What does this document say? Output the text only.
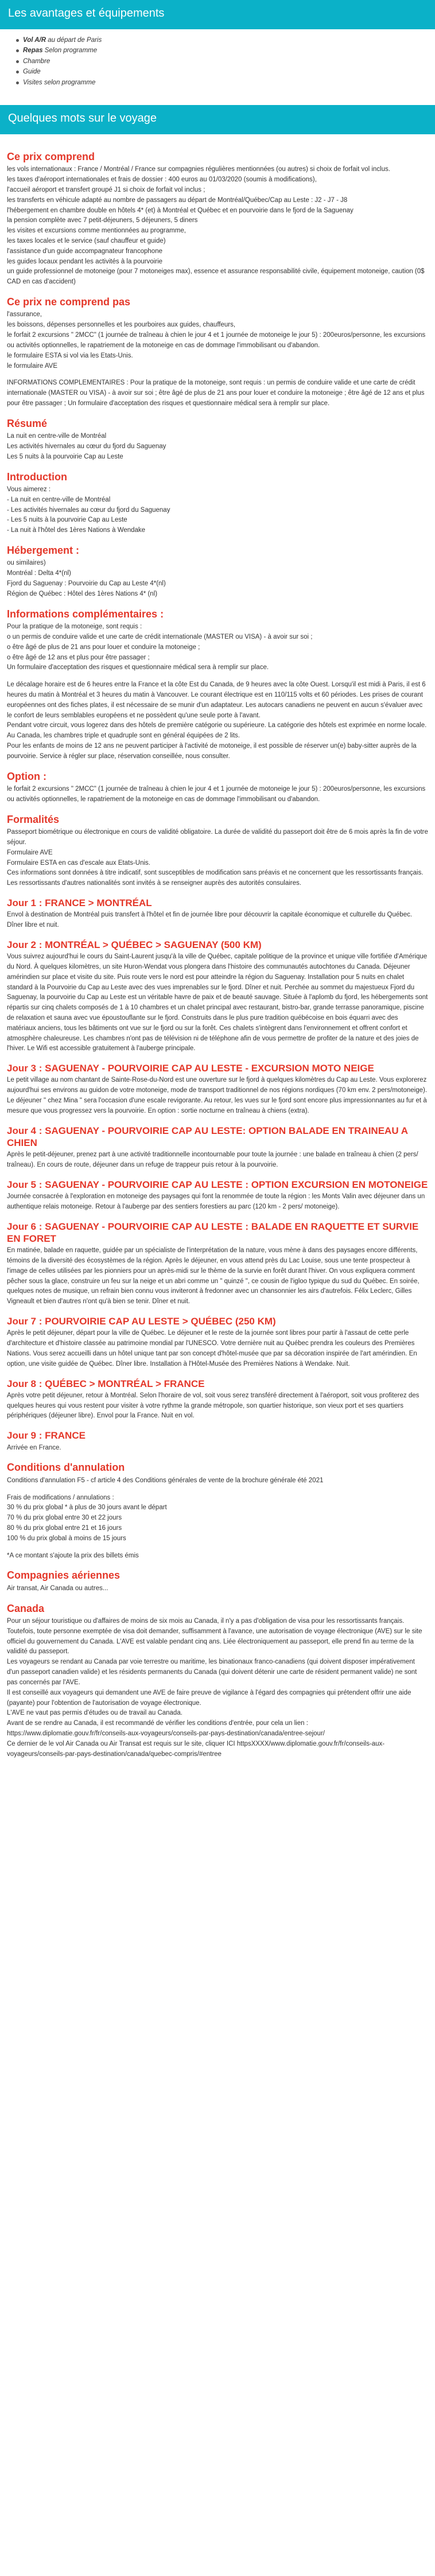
Les avantages et équipements
Vol A/R au départ de Paris
Repas Selon programme
Chambre
Guide
Visites selon programme
Quelques mots sur le voyage
Ce prix comprend

les vols internationaux : France / Montréal / France sur compagnies régulières mentionnées (ou autres) si choix de forfait vol inclus.

les taxes d'aéroport internationales et frais de dossier : 400 euros au 01/03/2020 (soumis à modifications),

l'accueil aéroport et transfert groupé J1 si choix de forfait vol inclus ;

les transferts en véhicule adapté au nombre de passagers au départ de Montréal/Québec/Cap au Leste : J2 - J7 - J8

l'hébergement en chambre double en hôtels 4* (et) à Montréal et Québec et en pourvoirie dans le fjord de la Saguenay

la pension complète avec 7 petit-déjeuners, 5 déjeuners, 5 diners

les visites et excursions comme mentionnées au programme,

les taxes locales et le service (sauf chauffeur et guide)

l'assistance d'un guide accompagnateur francophone

les guides locaux pendant les activités à la pourvoirie

un guide professionnel de motoneige (pour 7 motoneiges max), essence et assurance responsabilité civile, équipement motoneige, caution (0$ CAD en cas d'accident)

Ce prix ne comprend pas

l'assurance,

les boissons, dépenses personnelles et les pourboires aux guides, chauffeurs,

le forfait 2 excursions " 2MCC" (1 journée de traîneau à chien le jour 4 et 1 journée de motoneige le jour 5) : 200euros/personne, les excursions ou activités optionnelles, le rapatriement de la motoneige en cas de dommage l'immobilisant ou d'abandon.

le formulaire ESTA si vol via les Etats-Unis.

le formulaire AVE

INFORMATIONS COMPLEMENTAIRES : Pour la pratique de la motoneige, sont requis : un permis de conduire valide et une carte de crédit internationale (MASTER ou VISA) - à avoir sur soi ; être âgé de plus de 21 ans pour louer et conduire la motoneige ; être âgé de 12 ans et plus pour être passager ; Un formulaire d'acceptation des risques et questionnaire médical sera à remplir sur place.

Résumé

La nuit en centre-ville de Montréal

Les activités hivernales au cœur du fjord du Saguenay

Les 5 nuits à la pourvoirie Cap au Leste

Introduction

Vous aimerez :

- La nuit en centre-ville de Montréal

- Les activités hivernales au cœur du fjord du Saguenay

- Les 5 nuits à la pourvoirie Cap au Leste

- La nuit à l'hôtel des 1ères Nations à Wendake

Hébergement :

ou similaires)

Montréal : Delta 4*(nl)

Fjord du Saguenay : Pourvoirie du Cap au Leste 4*(nl)

Région de Québec : Hôtel des 1ères Nations 4* (nl)

Informations complémentaires :

Pour la pratique de la motoneige, sont requis :

o un permis de conduire valide et une carte de crédit internationale (MASTER ou VISA) - à avoir sur soi ;

o être âgé de plus de 21 ans pour louer et conduire la motoneige ;

o être âgé de 12 ans et plus pour être passager ;

Un formulaire d'acceptation des risques et questionnaire médical sera à remplir sur place.

Le décalage horaire est de 6 heures entre la France et la côte Est du Canada, de 9 heures avec la côte Ouest. Lorsqu'il est midi à Paris, il est 6 heures du matin à Montréal et 3 heures du matin à Vancouver. Le courant électrique est en 110/115 volts et 60 périodes. Les prises de courant européennes ont des fiches plates, il est nécessaire de se munir d'un adaptateur. Les autocars canadiens ne peuvent en aucun s'évaluer avec le confort de leurs semblables européens et ne possèdent qu'une seule porte à l'avant.

Pendant votre circuit, vous logerez dans des hôtels de première catégorie ou supérieure. La catégorie des hôtels est exprimée en norme locale. Au Canada, les chambres triple et quadruple sont en général équipées de 2 lits.

Pour les enfants de moins de 12 ans ne peuvent participer à l'activité de motoneige, il est possible de réserver un(e) baby-sitter auprès de la pourvoirie. Service à régler sur place, réservation conseillée, nous consulter.

Option :

le forfait 2 excursions " 2MCC" (1 journée de traîneau à chien le jour 4 et 1 journée de motoneige le jour 5) : 200euros/personne, les excursions ou activités optionnelles, le rapatriement de la motoneige en cas de dommage l'immobilisant ou d'abandon.

Formalités

Passeport biométrique ou électronique en cours de validité obligatoire. La durée de validité du passeport doit être de 6 mois après la fin de votre séjour.

Formulaire AVE

Formulaire ESTA en cas d'escale aux Etats-Unis.

Ces informations sont données à titre indicatif, sont susceptibles de modification sans préavis et ne concernent que les ressortissants français. Les ressortissants d'autres nationalités sont invités à se renseigner auprès des autorités consulaires.

Jour 1 : FRANCE > MONTRÉAL

Envol à destination de Montréal puis transfert à l'hôtel et fin de journée libre pour découvrir la capitale économique et culturelle du Québec. Dîner libre et nuit.

Jour 2 : MONTRÉAL > QUÉBEC > SAGUENAY (500 KM)

Vous suivrez aujourd'hui le cours du Saint-Laurent jusqu'à la ville de Québec, capitale politique de la province et unique ville fortifiée d'Amérique du Nord. À quelques kilomètres, un site Huron-Wendat vous plongera dans l'histoire des communautés autochtones du Canada. Déjeuner amérindien sur place et visite du site. Puis route vers le nord est pour atteindre la région du Saguenay. Installation pour 5 nuits en chalet standard à la Pourvoirie du Cap au Leste avec des vues imprenables sur le fjord. Dîner et nuit. Perchée au sommet du majestueux Fjord du Saguenay, la pourvoirie du Cap au Leste est un véritable havre de paix et de beauté sauvage. Située à l'aplomb du fjord, les hébergements sont répartis sur cinq chalets composés de 1 à 10 chambres et un chalet principal avec restaurant, bistro-bar, grande terrasse panoramique, piscine de relaxation et sauna avec vue époustouflante sur le fjord. Construits dans le plus pure tradition québécoise en bois équarri avec des matériaux anciens, tous les bâtiments ont vue sur le fjord ou sur la forêt. Ces chalets s'intègrent dans l'environnement et offrent confort et atmosphère chaleureuse. Les chambres n'ont pas de télévision ni de téléphone afin de vous permettre de profiter de la nature et des joies de l'hiver. Le Wifi est accessible gratuitement à l'auberge principale.

Jour 3 : SAGUENAY - POURVOIRIE CAP AU LESTE - EXCURSION MOTO NEIGE

Le petit village au nom chantant de Sainte-Rose-du-Nord est une ouverture sur le fjord à quelques kilomètres du Cap au Leste. Vous explorerez aujourd'hui ses environs au guidon de votre motoneige, mode de transport traditionnel de nos régions nordiques (70 km env. 2 pers/motoneige). Le déjeuner " chez Mina " sera l'occasion d'une escale revigorante. Au retour, les vues sur le fjord sont encore plus impressionnantes au fur et à mesure que vous progressez vers la pourvoirie. En option : sortie nocturne en traîneau à chiens (extra).

Jour 4 : SAGUENAY - POURVOIRIE CAP AU LESTE: OPTION BALADE EN TRAINEAU A CHIEN

Après le petit-déjeuner, prenez part à une activité traditionnelle incontournable pour toute la journée : une balade en traîneau à chien (2 pers/ traîneau). En cours de route, déjeuner dans un refuge de trappeur puis retour à la pourvoirie.

Jour 5 : SAGUENAY - POURVOIRIE CAP AU LESTE : OPTION EXCURSION EN MOTONEIGE

Journée consacrée à l'exploration en motoneige des paysages qui font la renommée de toute la région : les Monts Valin avec déjeuner dans un authentique relais motoneige. Retour à l'auberge par des sentiers forestiers au parc (120 km - 2 pers/ motoneige).

Jour 6 : SAGUENAY - POURVOIRIE CAP AU LESTE : BALADE EN RAQUETTE ET SURVIE EN FORET

En matinée, balade en raquette, guidée par un spécialiste de l'interprétation de la nature, vous mène à dans des paysages encore différents, témoins de la diversité des écosystèmes de la région. Après le déjeuner, en vous attend près du Lac Louise, sous une tente prospecteur à l'image de celles utilisées par les pionniers pour un après-midi sur le thème de la survie en forêt durant l'hiver. On vous expliquera comment pêcher sous la glace, construire un feu sur la neige et un abri comme un " quinzé ", ce cousin de l'igloo typique du sud du Québec. En soirée, quelques notes de musique, un refrain bien connu vous inviteront à fredonner avec un chansonnier les airs d'autrefois. Félix Leclerc, Gilles Vigneault et bien d'autres n'ont qu'à bien se tenir. Dîner et nuit.

Jour 7 : POURVOIRIE CAP AU LESTE > QUÉBEC (250 KM)

Après le petit déjeuner, départ pour la ville de Québec. Le déjeuner et le reste de la journée sont libres pour partir à l'assaut de cette perle d'architecture et d'histoire classée au patrimoine mondial par l'UNESCO. Votre dernière nuit au Québec prendra les couleurs des Premières Nations. Vous serez accueilli dans un hôtel unique tant par son concept d'hôtel-musée que par sa décoration inspirée de l'art amérindien. En option, une visite guidée de Québec. Dîner libre. Installation à l'Hôtel-Musée des Premières Nations à Wendake. Nuit.

Jour 8 : QUÉBEC > MONTRÉAL > FRANCE

Après votre petit déjeuner, retour à Montréal. Selon l'horaire de vol, soit vous serez transféré directement à l'aéroport, soit vous profiterez des quelques heures qui vous restent pour visiter à votre rythme la grande métropole, son quartier historique, son vieux port et ses quartiers périphériques (déjeuner libre). Envol pour la France. Nuit en vol.

Jour 9 : FRANCE

Arrivée en France.

Conditions d'annulation

Conditions d'annulation F5 - cf article 4 des Conditions générales de vente de la brochure générale été 2021

Frais de modifications / annulations :

30 % du prix global * à plus de 30 jours avant le départ

70 % du prix global entre 30 et 22 jours

80 % du prix global entre 21 et 16 jours

100 % du prix global à moins de 15 jours

*A ce montant s'ajoute la prix des billets émis

Compagnies aériennes

Air transat, Air Canada ou autres...

Canada

Pour un séjour touristique ou d'affaires de moins de six mois au Canada, il n'y a pas d'obligation de visa pour les ressortissants français. Toutefois, toute personne exemptée de visa doit demander, suffisamment à l'avance, une autorisation de voyage électronique (AVE) sur le site officiel du gouvernement du Canada. L'AVE est valable pendant cinq ans. Liée électroniquement au passeport, elle prend fin au terme de la validité du passeport.

Les voyageurs se rendant au Canada par voie terrestre ou maritime, les binationaux franco-canadiens (qui doivent disposer impérativement d'un passeport canadien valide) et les résidents permanents du Canada (qui doivent détenir une carte de résident permanent valide) ne sont pas concernés par l'AVE.

Il est conseillé aux voyageurs qui demandent une AVE de faire preuve de vigilance à l'égard des compagnies qui prétendent offrir une aide (payante) pour l'obtention de l'autorisation de voyage électronique.

L'AVE ne vaut pas permis d'études ou de travail au Canada.

Avant de se rendre au Canada, il est recommandé de vérifier les conditions d'entrée, pour cela un lien : https://www.diplomatie.gouv.fr/fr/conseils-aux-voyageurs/conseils-par-pays-destination/canada/entree-sejour/

Ce dernier de le vol Air Canada ou Air Transat est requis sur le site, cliquer ICI httpsXXXX/www.diplomatie.gouv.fr/fr/conseils-aux-voyageurs/conseils-par-pays-destination/canada/quebec-compris/#entree
